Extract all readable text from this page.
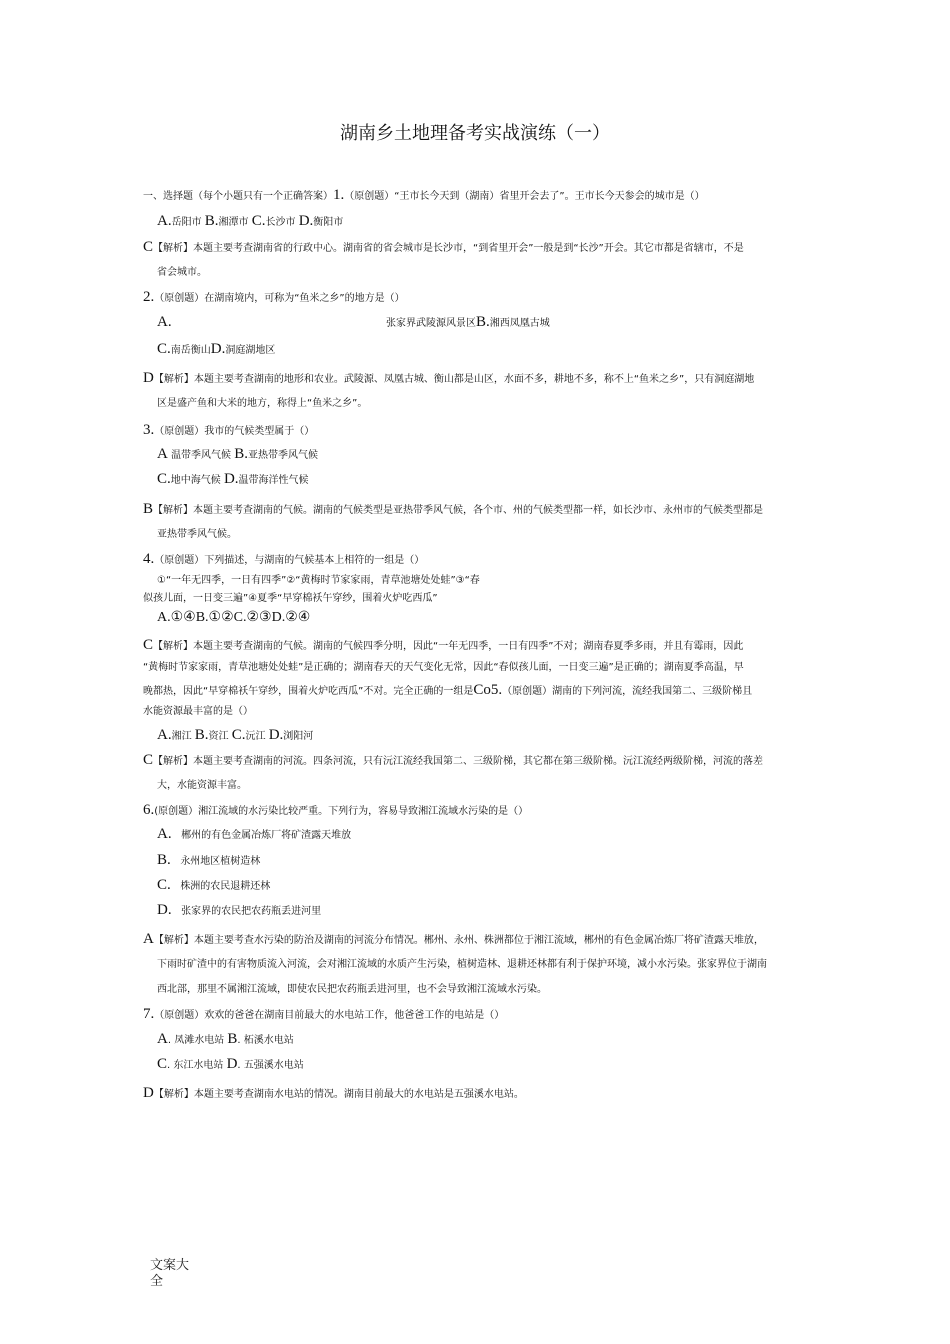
湖南乡土地理备考实战演练（一）
一、选择题（每个小题只有一个正确答案）1.（原创题）“王市长今天到（湖南）省里开会去了”。王市长今天参会的城市是（）
A.岳阳市 B.湘潭市 C.长沙市 D.衡阳市
C【解析】本题主要考查湖南省的行政中心。湖南省的省会城市是长沙市，“到省里开会”一般是到“长沙”开会。其它市都是省辖市，不是
省会城市。
2.（原创题）在湖南境内，可称为“鱼米之乡”的地方是（）
A.	张家界武陵源风景区B.湘西凤凰古城
C.南岳衡山D.洞庭湖地区
D【解析】本题主要考查湖南的地形和农业。武陵源、凤凰古城、衡山都是山区，水面不多，耕地不多，称不上“鱼米之乡”，只有洞庭湖地
区是盛产鱼和大米的地方，称得上“鱼米之乡”。
3.（原创题）我市的气候类型属于（）
A 温带季风气候 B.亚热带季风气候
C.地中海气候 D.温带海洋性气候
B【解析】本题主要考查湖南的气候。湖南的气候类型是亚热带季风气候，各个市、州的气候类型都一样，如长沙市、永州市的气候类型都是
亚热带季风气候。
4.（原创题）下列描述，与湖南的气候基本上相符的一组是（）
①“一年无四季，一日有四季”②“黄梅时节家家雨，青草池塘处处蛙”③“春
似孩儿面，一日变三遍”④夏季“早穿棉袄午穿纱，围着火炉吃西瓜”
A.①④B.①②C.②③D.②④
C【解析】本题主要考查湖南的气候。湖南的气候四季分明，因此“一年无四季，一日有四季”不对；湖南春夏季多雨，并且有霉雨，因此
“黄梅时节家家雨，青草池塘处处蛙”是正确的；湖南春天的天气变化无常，因此“春似孩儿面，一日变三遍”是正确的；湖南夏季高温，早
晚都热，因此“早穿棉袄午穿纱，围着火炉吃西瓜”不对。完全正确的一组是Co5.（原创题）湖南的下列河流，流经我国第二、三级阶梯且
水能资源最丰富的是（）
A.湘江 B.资江 C.沅江 D.浏阳河
C【解析】本题主要考查湖南的河流。四条河流，只有沅江流经我国第二、三级阶梯，其它都在第三级阶梯。沅江流经两级阶梯，河流的落差
大，水能资源丰富。
6.(原创题）湘江流域的水污染比较严重。下列行为，容易导致湘江流域水污染的是（）
A. 郴州的有色金属冶炼厂将矿渣露天堆放
B. 永州地区植树造林
C. 株洲的农民退耕还林
D. 张家界的农民把农药瓶丢进河里
A【解析】本题主要考查水污染的防治及湖南的河流分布情况。郴州、永州、株洲都位于湘江流域，郴州的有色金属冶炼厂将矿渣露天堆放，
下雨时矿渣中的有害物质流入河流，会对湘江流域的水质产生污染，植树造林、退耕还林都有利于保护环境，减小水污染。张家界位于湖南
西北部，那里不属湘江流域，即使农民把农药瓶丢进河里，也不会导致湘江流域水污染。
7.（原创题）欢欢的爸爸在湖南目前最大的水电站工作，他爸爸工作的电站是（）
A. 凤滩水电站 B. 柘溪水电站
C. 东江水电站 D. 五强溪水电站
D【解析】本题主要考查湖南水电站的情况。湖南目前最大的水电站是五强溪水电站。
文案大
全
